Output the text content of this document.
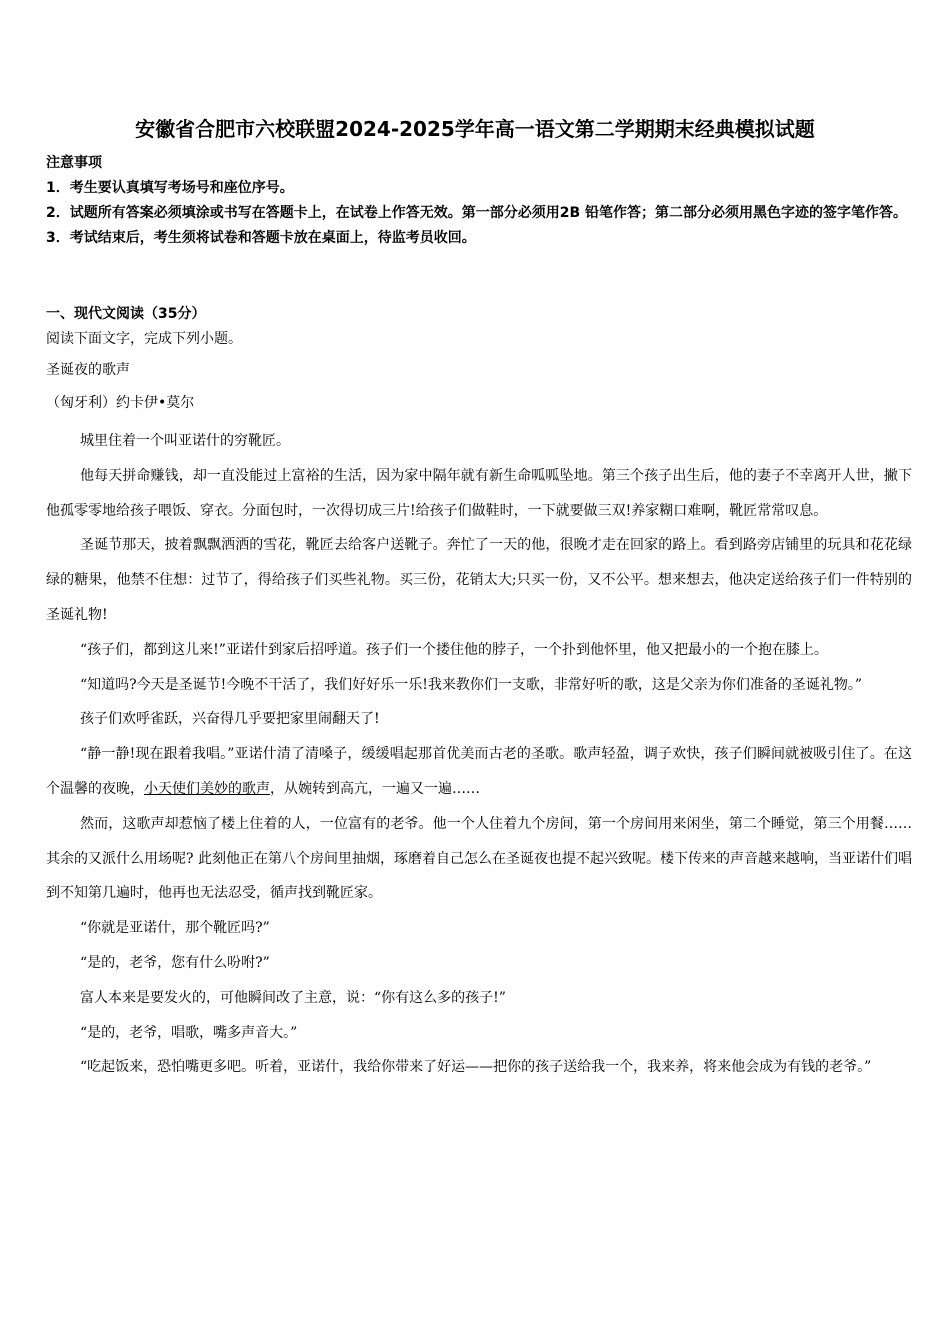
安徽省合肥市六校联盟2024-2025学年高一语文第二学期期末经典模拟试题

注意事项

1．考生要认真填写考场号和座位序号。

2．试题所有答案必须填涂或书写在答题卡上，在试卷上作答无效。第一部分必须用2B 铅笔作答；第二部分必须用黑色字迹的签字笔作答。

3．考试结束后，考生须将试卷和答题卡放在桌面上，待监考员收回。

一、现代文阅读（35分）

阅读下面文字，完成下列小题。

圣诞夜的歌声
（匈牙利）约卡伊•莫尔

城里住着一个叫亚诺什的穷靴匠。

他每天拼命赚钱，却一直没能过上富裕的生活，因为家中隔年就有新生命呱呱坠地。第三个孩子出生后，他的妻子不幸离开人世，撇下他孤零零地给孩子喂饭、穿衣。分面包时，一次得切成三片!给孩子们做鞋时，一下就要做三双!养家糊口难啊，靴匠常常叹息。

圣诞节那天，披着飘飘洒洒的雪花，靴匠去给客户送靴子。奔忙了一天的他，很晚才走在回家的路上。看到路旁店铺里的玩具和花花绿绿的糖果，他禁不住想：过节了，得给孩子们买些礼物。买三份，花销太大;只买一份，又不公平。想来想去，他决定送给孩子们一件特别的圣诞礼物!

“孩子们，都到这儿来!”亚诺什到家后招呼道。孩子们一个搂住他的脖子，一个扑到他怀里，他又把最小的一个抱在膝上。

“知道吗?今天是圣诞节!今晚不干活了，我们好好乐一乐!我来教你们一支歌，非常好听的歌，这是父亲为你们准备的圣诞礼物。”

孩子们欢呼雀跃，兴奋得几乎要把家里闹翻天了!

“静一静!现在跟着我唱。”亚诺什清了清嗓子，缓缓唱起那首优美而古老的圣歌。歌声轻盈，调子欢快，孩子们瞬间就被吸引住了。在这个温馨的夜晚，小天使们美妙的歌声，从婉转到高亢，一遍又一遍……

然而，这歌声却惹恼了楼上住着的人，一位富有的老爷。他一个人住着九个房间，第一个房间用来闲坐，第二个睡觉，第三个用餐……其余的又派什么用场呢? 此刻他正在第八个房间里抽烟，琢磨着自己怎么在圣诞夜也提不起兴致呢。楼下传来的声音越来越响，当亚诺什们唱到不知第几遍时，他再也无法忍受，循声找到靴匠家。

“你就是亚诺什，那个靴匠吗?”

“是的，老爷，您有什么吩咐?”

富人本来是要发火的，可他瞬间改了主意，说：“你有这么多的孩子!”

“是的，老爷，唱歌，嘴多声音大。”

“吃起饭来，恐怕嘴更多吧。听着，亚诺什，我给你带来了好运——把你的孩子送给我一个，我来养，将来他会成为有钱的老爷。”
